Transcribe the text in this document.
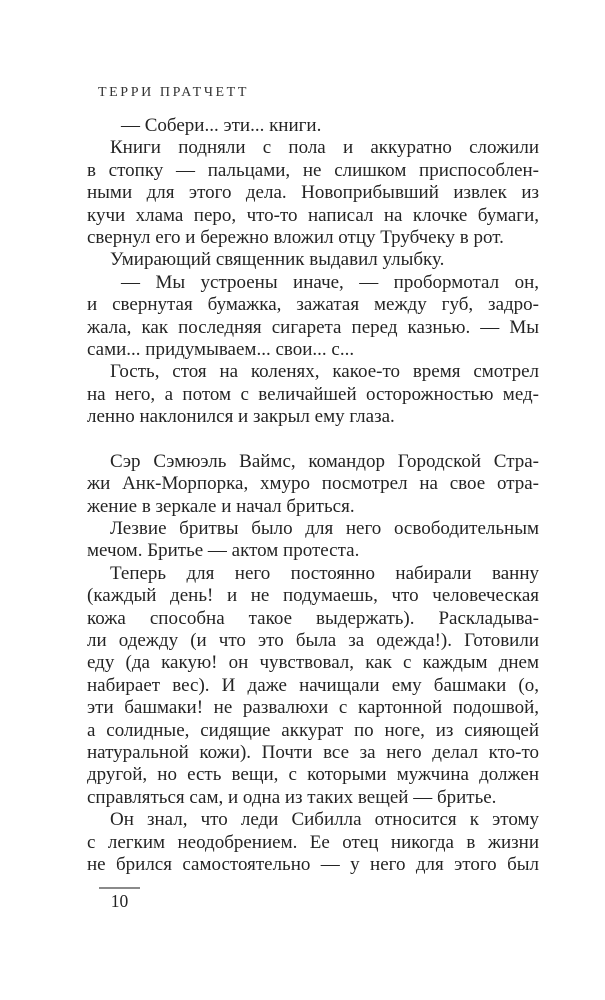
ТЕРРИ ПРАТЧЕТТ
— Собери... эти... книги.
Книги подняли с пола и аккуратно сложили
в стопку — пальцами, не слишком приспособлен-
ными для этого дела. Новоприбывший извлек из
кучи хлама перо, что-то написал на клочке бумаги,
свернул его и бережно вложил отцу Трубчеку в рот.
Умирающий священник выдавил улыбку.
— Мы устроены иначе, — пробормотал он,
и свернутая бумажка, зажатая между губ, задро-
жала, как последняя сигарета перед казнью. — Мы
сами... придумываем... свои... с...
Гость, стоя на коленях, какое-то время смотрел
на него, а потом с величайшей осторожностью мед-
ленно наклонился и закрыл ему глаза.
Сэр Сэмюэль Ваймс, командор Городской Стра-
жи Анк-Морпорка, хмуро посмотрел на свое отра-
жение в зеркале и начал бриться.
Лезвие бритвы было для него освободительным
мечом. Бритье — актом протеста.
Теперь для него постоянно набирали ванну
(каждый день! и не подумаешь, что человеческая
кожа способна такое выдержать). Раскладыва-
ли одежду (и что это была за одежда!). Готовили
еду (да какую! он чувствовал, как с каждым днем
набирает вес). И даже начищали ему башмаки (о,
эти башмаки! не развалюхи с картонной подошвой,
а солидные, сидящие аккурат по ноге, из сияющей
натуральной кожи). Почти все за него делал кто-то
другой, но есть вещи, с которыми мужчина должен
справляться сам, и одна из таких вещей — бритье.
Он знал, что леди Сибилла относится к этому
с легким неодобрением. Ее отец никогда в жизни
не брился самостоятельно — у него для этого был
10
